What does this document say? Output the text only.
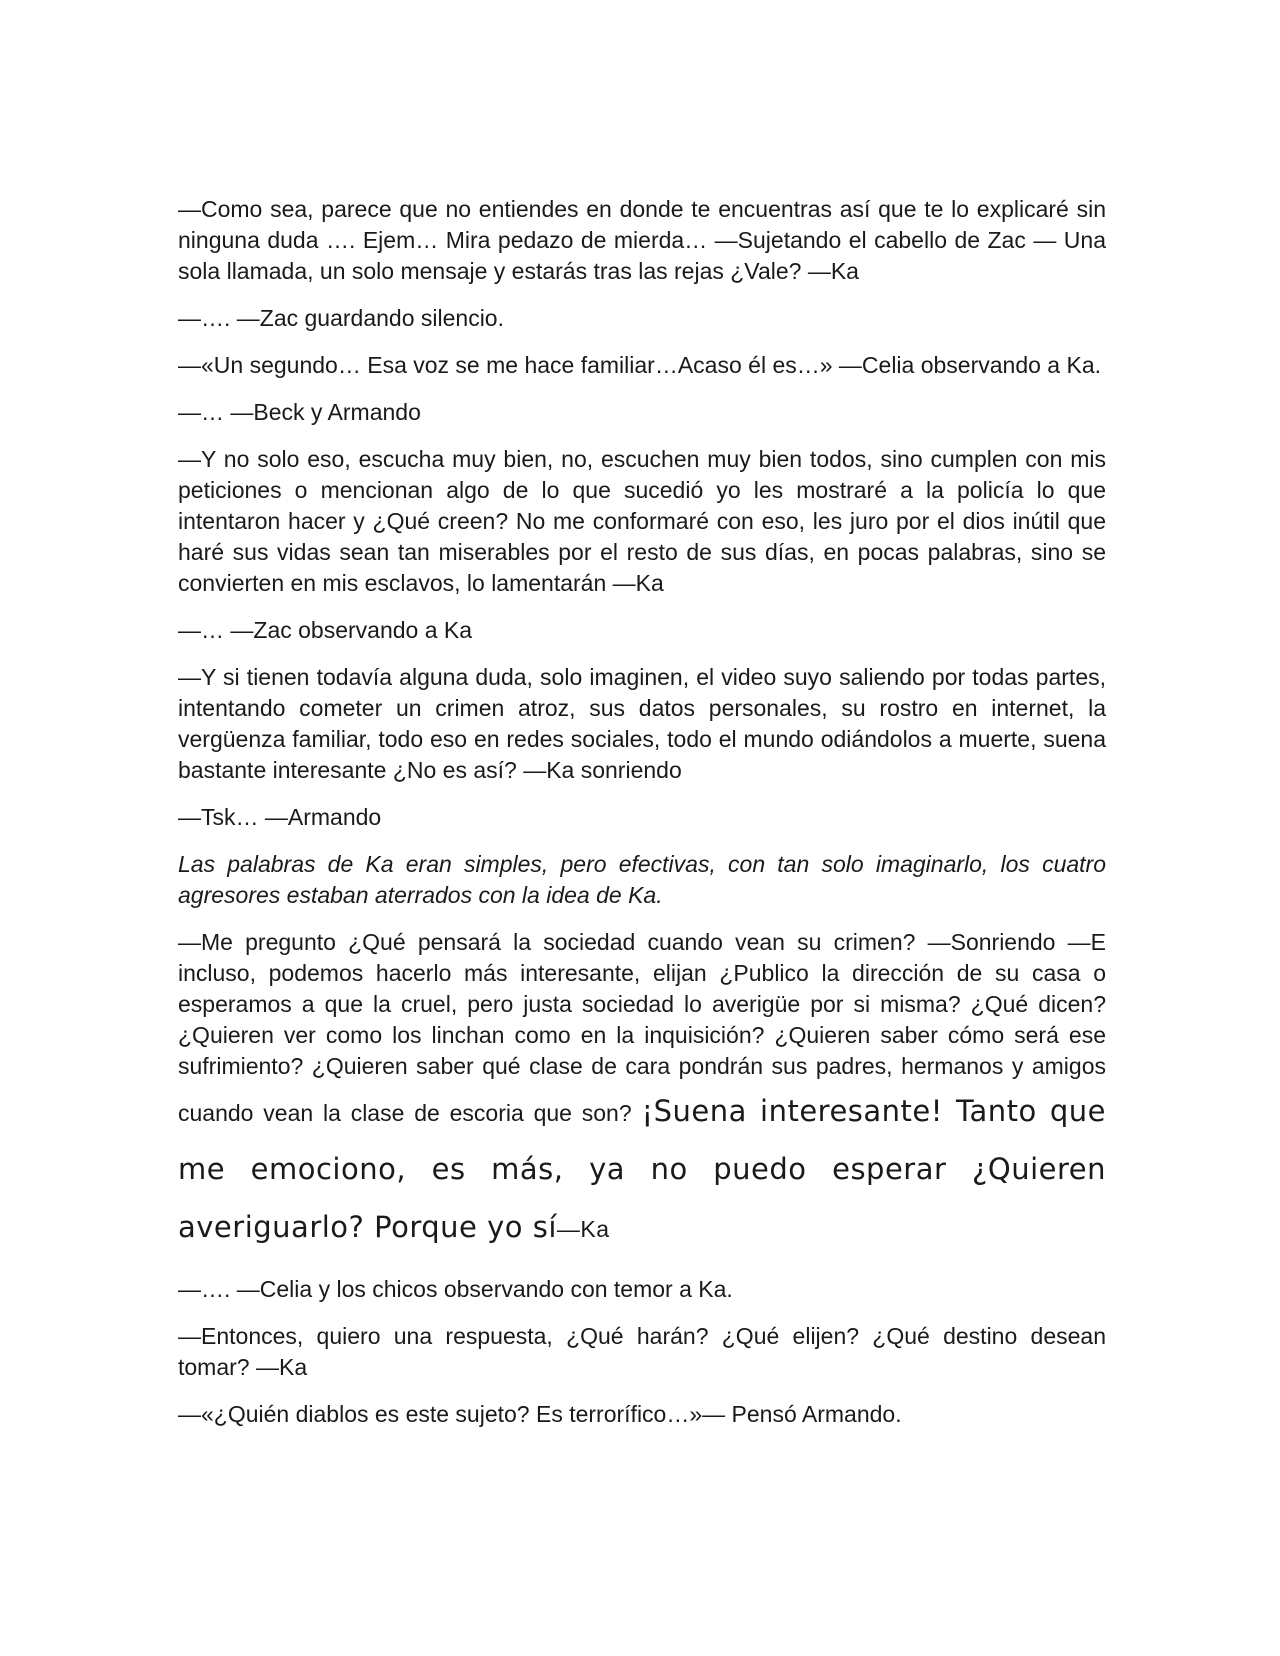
—Como sea, parece que no entiendes en donde te encuentras así que te lo explicaré sin ninguna duda …. Ejem… Mira pedazo de mierda… —Sujetando el cabello de Zac — Una sola llamada, un solo mensaje y estarás tras las rejas ¿Vale? —Ka

—…. —Zac guardando silencio.

—«Un segundo… Esa voz se me hace familiar…Acaso él es…» —Celia observando a Ka.

—… —Beck y Armando

—Y no solo eso, escucha muy bien, no, escuchen muy bien todos, sino cumplen con mis peticiones o mencionan algo de lo que sucedió yo les mostraré a la policía lo que intentaron hacer y ¿Qué creen? No me conformaré con eso, les juro por el dios inútil que haré sus vidas sean tan miserables por el resto de sus días, en pocas palabras, sino se convierten en mis esclavos, lo lamentarán —Ka

—… —Zac observando a Ka

—Y si tienen todavía alguna duda, solo imaginen, el video suyo saliendo por todas partes, intentando cometer un crimen atroz, sus datos personales, su rostro en internet, la vergüenza familiar, todo eso en redes sociales, todo el mundo odiándolos a muerte, suena bastante interesante ¿No es así? —Ka sonriendo

—Tsk… —Armando

Las palabras de Ka eran simples, pero efectivas, con tan solo imaginarlo, los cuatro agresores estaban aterrados con la idea de Ka.

—Me pregunto ¿Qué pensará la sociedad cuando vean su crimen? —Sonriendo —E incluso, podemos hacerlo más interesante, elijan ¿Publico la dirección de su casa o esperamos a que la cruel, pero justa sociedad lo averigüe por si misma? ¿Qué dicen? ¿Quieren ver como los linchan como en la inquisición? ¿Quieren saber cómo será ese sufrimiento? ¿Quieren saber qué clase de cara pondrán sus padres, hermanos y amigos cuando vean la clase de escoria que son? ¡Suena interesante! Tanto que me emociono, es más, ya no puedo esperar ¿Quieren averiguarlo? Porque yo sí—Ka

—…. —Celia y los chicos observando con temor a Ka.

—Entonces, quiero una respuesta, ¿Qué harán? ¿Qué elijen? ¿Qué destino desean tomar? —Ka

—«¿Quién diablos es este sujeto? Es terrorífico…»— Pensó Armando.
